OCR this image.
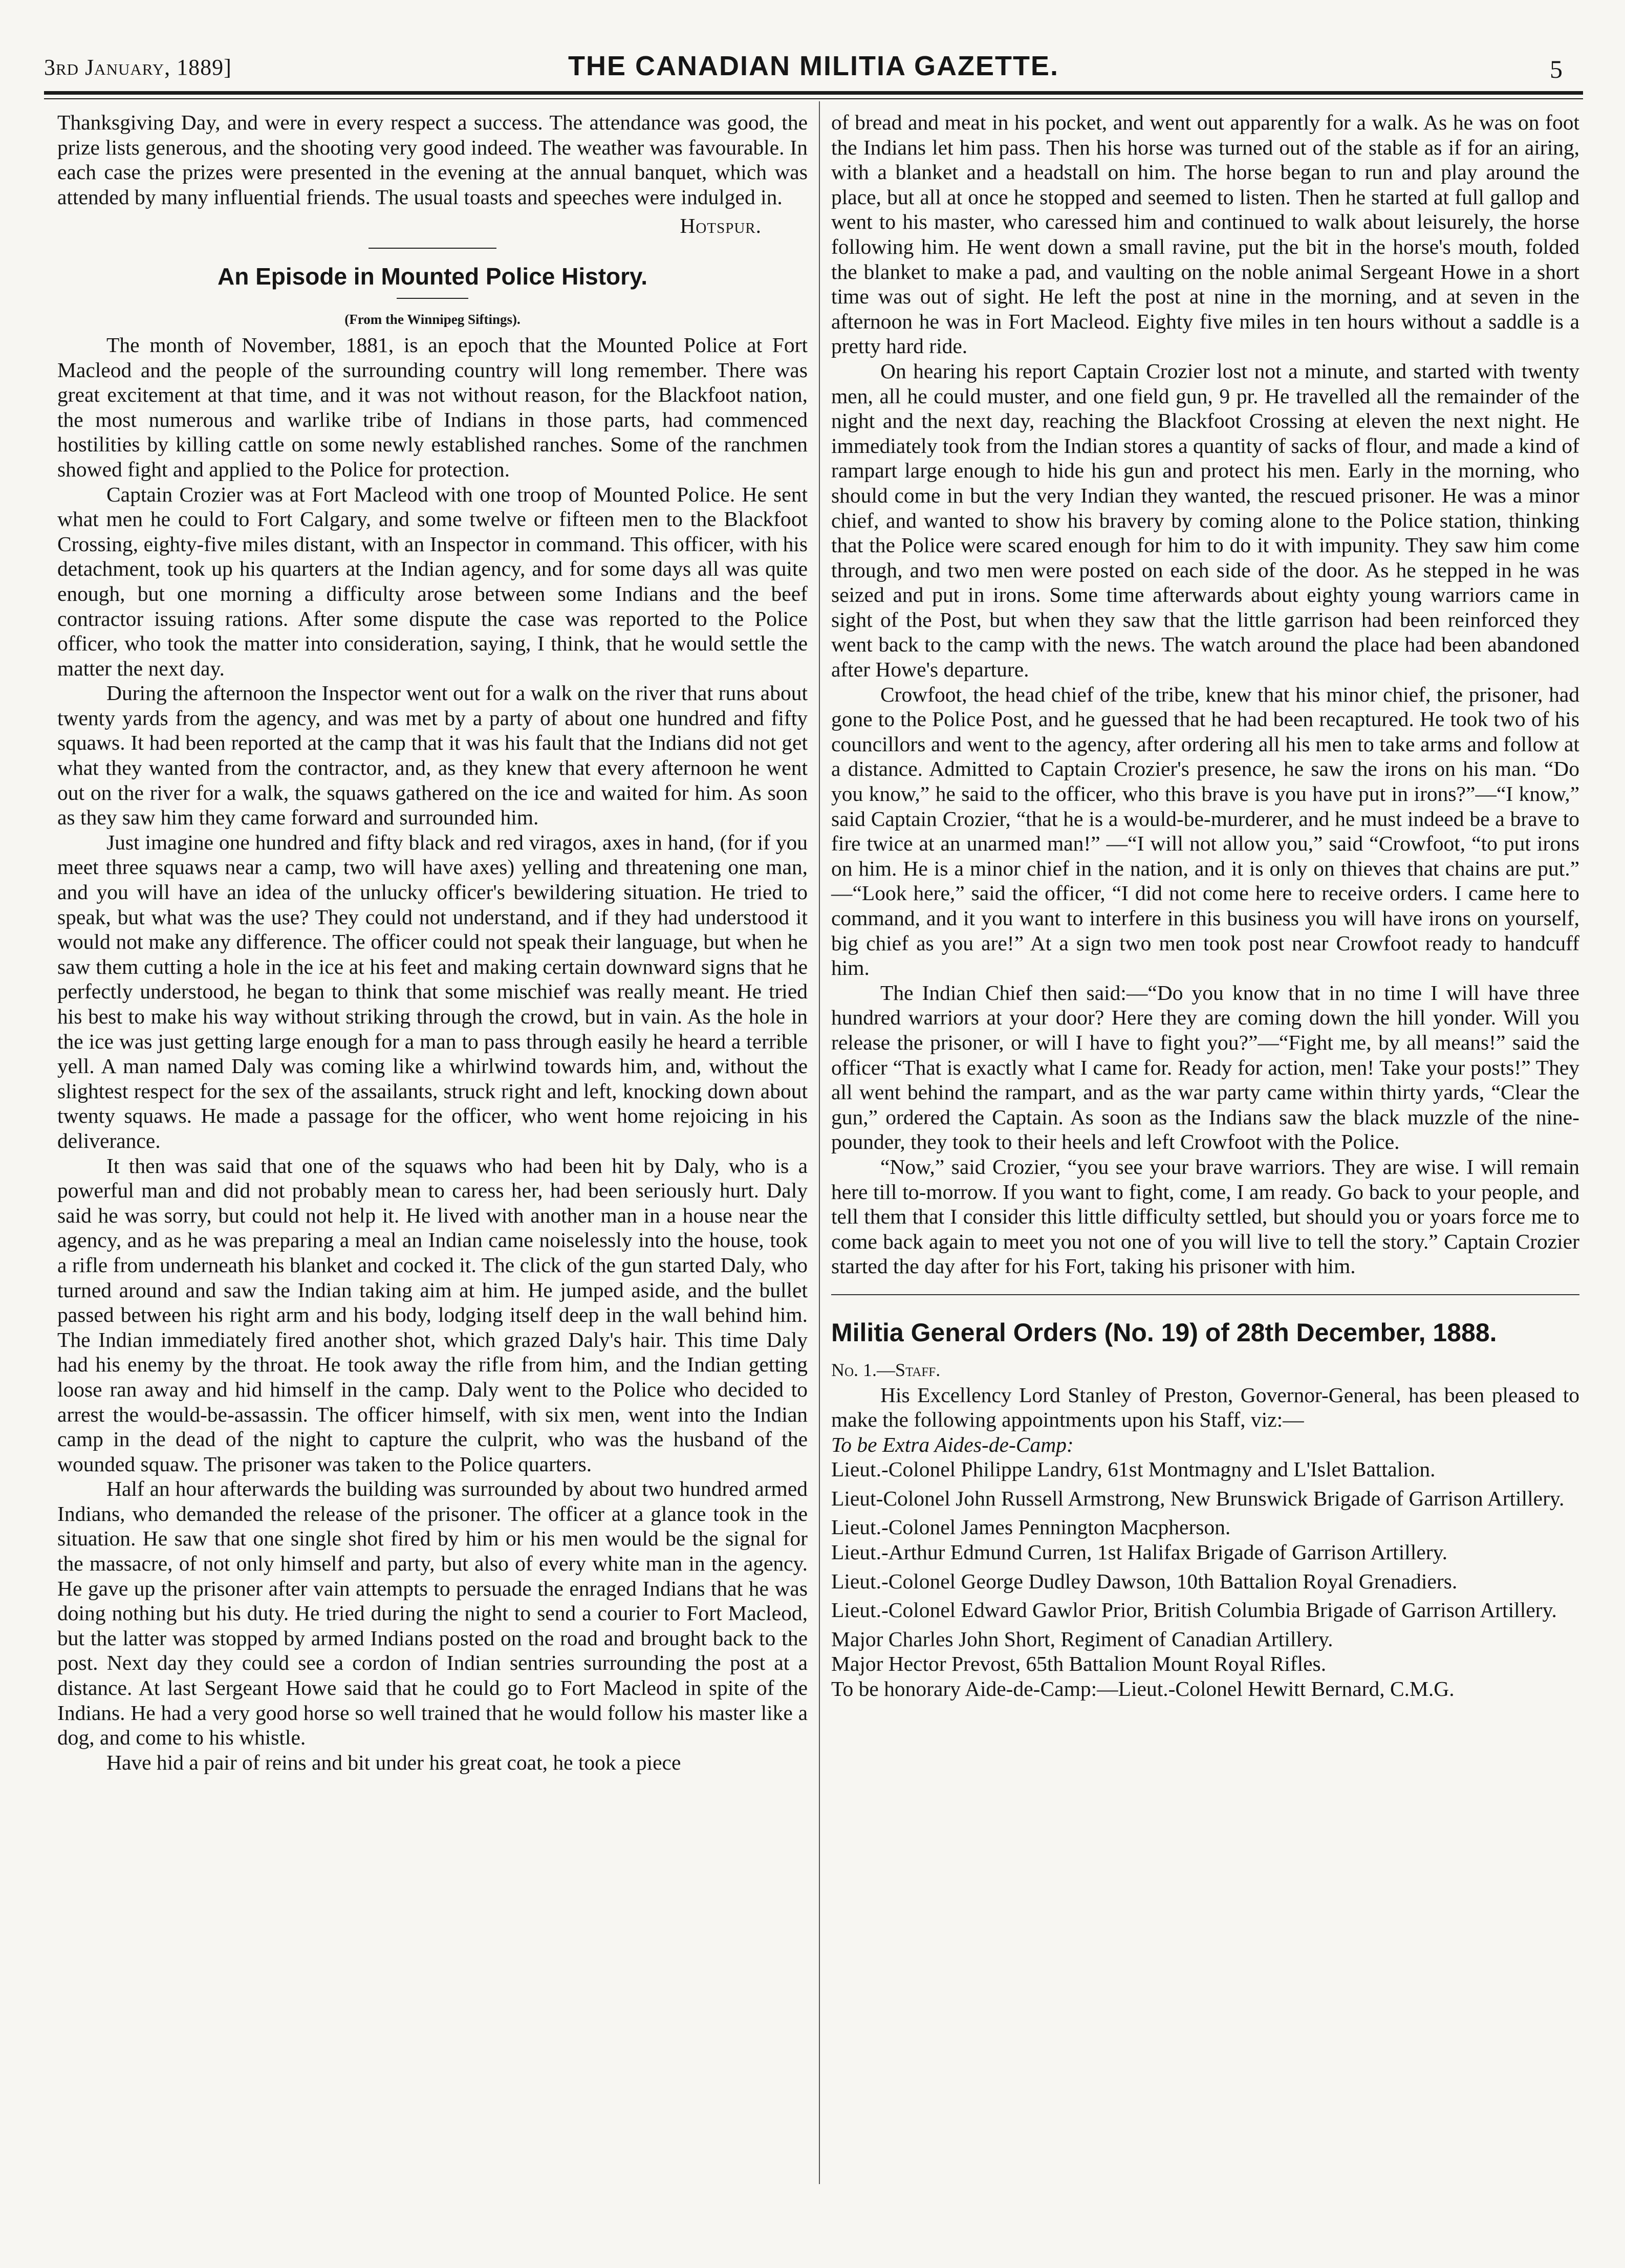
3rd January, 1889]	THE CANADIAN MILITIA GAZETTE.	5

Thanksgiving Day, and were in every respect a success. The attendance was good, the prize lists generous, and the shooting very good indeed. The weather was favourable. In each case the prizes were presented in the evening at the annual banquet, which was attended by many influential friends. The usual toasts and speeches were indulged in.

Hotspur.
An Episode in Mounted Police History.
(From the Winnipeg Siftings).

The month of November, 1881, is an epoch that the Mounted Police at Fort Macleod and the people of the surrounding country will long remember. There was great excitement at that time, and it was not without reason, for the Blackfoot nation, the most numerous and warlike tribe of Indians in those parts, had commenced hostilities by killing cattle on some newly established ranches. Some of the ranchmen showed fight and applied to the Police for protection.

Captain Crozier was at Fort Macleod with one troop of Mounted Police. He sent what men he could to Fort Calgary, and some twelve or fifteen men to the Blackfoot Crossing, eighty-five miles distant, with an Inspector in command. This officer, with his detachment, took up his quarters at the Indian agency, and for some days all was quite enough, but one morning a difficulty arose between some Indians and the beef contractor issuing rations. After some dispute the case was reported to the Police officer, who took the matter into consideration, saying, I think, that he would settle the matter the next day.

During the afternoon the Inspector went out for a walk on the river that runs about twenty yards from the agency, and was met by a party of about one hundred and fifty squaws. It had been reported at the camp that it was his fault that the Indians did not get what they wanted from the contractor, and, as they knew that every afternoon he went out on the river for a walk, the squaws gathered on the ice and waited for him. As soon as they saw him they came forward and surrounded him.

Just imagine one hundred and fifty black and red viragos, axes in hand, (for if you meet three squaws near a camp, two will have axes) yelling and threatening one man, and you will have an idea of the unlucky officer's bewildering situation. He tried to speak, but what was the use? They could not understand, and if they had understood it would not make any difference. The officer could not speak their language, but when he saw them cutting a hole in the ice at his feet and making certain downward signs that he perfectly understood, he began to think that some mischief was really meant. He tried his best to make his way without striking through the crowd, but in vain. As the hole in the ice was just getting large enough for a man to pass through easily he heard a terrible yell. A man named Daly was coming like a whirlwind towards him, and, without the slightest respect for the sex of the assailants, struck right and left, knocking down about twenty squaws. He made a passage for the officer, who went home rejoicing in his deliverance.

It then was said that one of the squaws who had been hit by Daly, who is a powerful man and did not probably mean to caress her, had been seriously hurt. Daly said he was sorry, but could not help it. He lived with another man in a house near the agency, and as he was preparing a meal an Indian came noiselessly into the house, took a rifle from underneath his blanket and cocked it. The click of the gun started Daly, who turned around and saw the Indian taking aim at him. He jumped aside, and the bullet passed between his right arm and his body, lodging itself deep in the wall behind him. The Indian immediately fired another shot, which grazed Daly's hair. This time Daly had his enemy by the throat. He took away the rifle from him, and the Indian getting loose ran away and hid himself in the camp. Daly went to the Police who decided to arrest the would-be-assassin. The officer himself, with six men, went into the Indian camp in the dead of the night to capture the culprit, who was the husband of the wounded squaw. The prisoner was taken to the Police quarters.

Half an hour afterwards the building was surrounded by about two hundred armed Indians, who demanded the release of the prisoner. The officer at a glance took in the situation. He saw that one single shot fired by him or his men would be the signal for the massacre, of not only himself and party, but also of every white man in the agency. He gave up the prisoner after vain attempts to persuade the enraged Indians that he was doing nothing but his duty. He tried during the night to send a courier to Fort Macleod, but the latter was stopped by armed Indians posted on the road and brought back to the post. Next day they could see a cordon of Indian sentries surrounding the post at a distance. At last Sergeant Howe said that he could go to Fort Macleod in spite of the Indians. He had a very good horse so well trained that he would follow his master like a dog, and come to his whistle.

Have hid a pair of reins and bit under his great coat, he took a piece

of bread and meat in his pocket, and went out apparently for a walk. As he was on foot the Indians let him pass. Then his horse was turned out of the stable as if for an airing, with a blanket and a headstall on him. The horse began to run and play around the place, but all at once he stopped and seemed to listen. Then he started at full gallop and went to his master, who caressed him and continued to walk about leisurely, the horse following him. He went down a small ravine, put the bit in the horse's mouth, folded the blanket to make a pad, and vaulting on the noble animal Sergeant Howe in a short time was out of sight. He left the post at nine in the morning, and at seven in the afternoon he was in Fort Macleod. Eighty five miles in ten hours without a saddle is a pretty hard ride.

On hearing his report Captain Crozier lost not a minute, and started with twenty men, all he could muster, and one field gun, 9 pr. He travelled all the remainder of the night and the next day, reaching the Blackfoot Crossing at eleven the next night. He immediately took from the Indian stores a quantity of sacks of flour, and made a kind of rampart large enough to hide his gun and protect his men. Early in the morning, who should come in but the very Indian they wanted, the rescued prisoner. He was a minor chief, and wanted to show his bravery by coming alone to the Police station, thinking that the Police were scared enough for him to do it with impunity. They saw him come through, and two men were posted on each side of the door. As he stepped in he was seized and put in irons. Some time afterwards about eighty young warriors came in sight of the Post, but when they saw that the little garrison had been reinforced they went back to the camp with the news. The watch around the place had been abandoned after Howe's departure.

Crowfoot, the head chief of the tribe, knew that his minor chief, the prisoner, had gone to the Police Post, and he guessed that he had been recaptured. He took two of his councillors and went to the agency, after ordering all his men to take arms and follow at a distance. Admitted to Captain Crozier's presence, he saw the irons on his man. “Do you know,” he said to the officer, who this brave is you have put in irons?”—“I know,” said Captain Crozier, “that he is a would-be-murderer, and he must indeed be a brave to fire twice at an unarmed man!” —“I will not allow you,” said “Crowfoot, “to put irons on him. He is a minor chief in the nation, and it is only on thieves that chains are put.” —“Look here,” said the officer, “I did not come here to receive orders. I came here to command, and it you want to interfere in this business you will have irons on yourself, big chief as you are!” At a sign two men took post near Crowfoot ready to handcuff him.

The Indian Chief then said:—“Do you know that in no time I will have three hundred warriors at your door? Here they are coming down the hill yonder. Will you release the prisoner, or will I have to fight you?”—“Fight me, by all means!” said the officer “That is exactly what I came for. Ready for action, men! Take your posts!” They all went behind the rampart, and as the war party came within thirty yards, “Clear the gun,” ordered the Captain. As soon as the Indians saw the black muzzle of the nine-pounder, they took to their heels and left Crowfoot with the Police.

“Now,” said Crozier, “you see your brave warriors. They are wise. I will remain here till to-morrow. If you want to fight, come, I am ready. Go back to your people, and tell them that I consider this little difficulty settled, but should you or yoars force me to come back again to meet you not one of you will live to tell the story.” Captain Crozier started the day after for his Fort, taking his prisoner with him.

Militia General Orders (No. 19) of 28th December, 1888.

No. 1.—Staff.

His Excellency Lord Stanley of Preston, Governor-General, has been pleased to make the following appointments upon his Staff, viz:—

To be Extra Aides-de-Camp:

Lieut.-Colonel Philippe Landry, 61st Montmagny and L'Islet Battalion.

Lieut-Colonel John Russell Armstrong, New Brunswick Brigade of Garrison Artillery.

Lieut.-Colonel James Pennington Macpherson.

Lieut.-Arthur Edmund Curren, 1st Halifax Brigade of Garrison Artillery.

Lieut.-Colonel George Dudley Dawson, 10th Battalion Royal Grenadiers.

Lieut.-Colonel Edward Gawlor Prior, British Columbia Brigade of Garrison Artillery.

Major Charles John Short, Regiment of Canadian Artillery.

Major Hector Prevost, 65th Battalion Mount Royal Rifles.

To be honorary Aide-de-Camp:—Lieut.-Colonel Hewitt Bernard, C.M.G.
